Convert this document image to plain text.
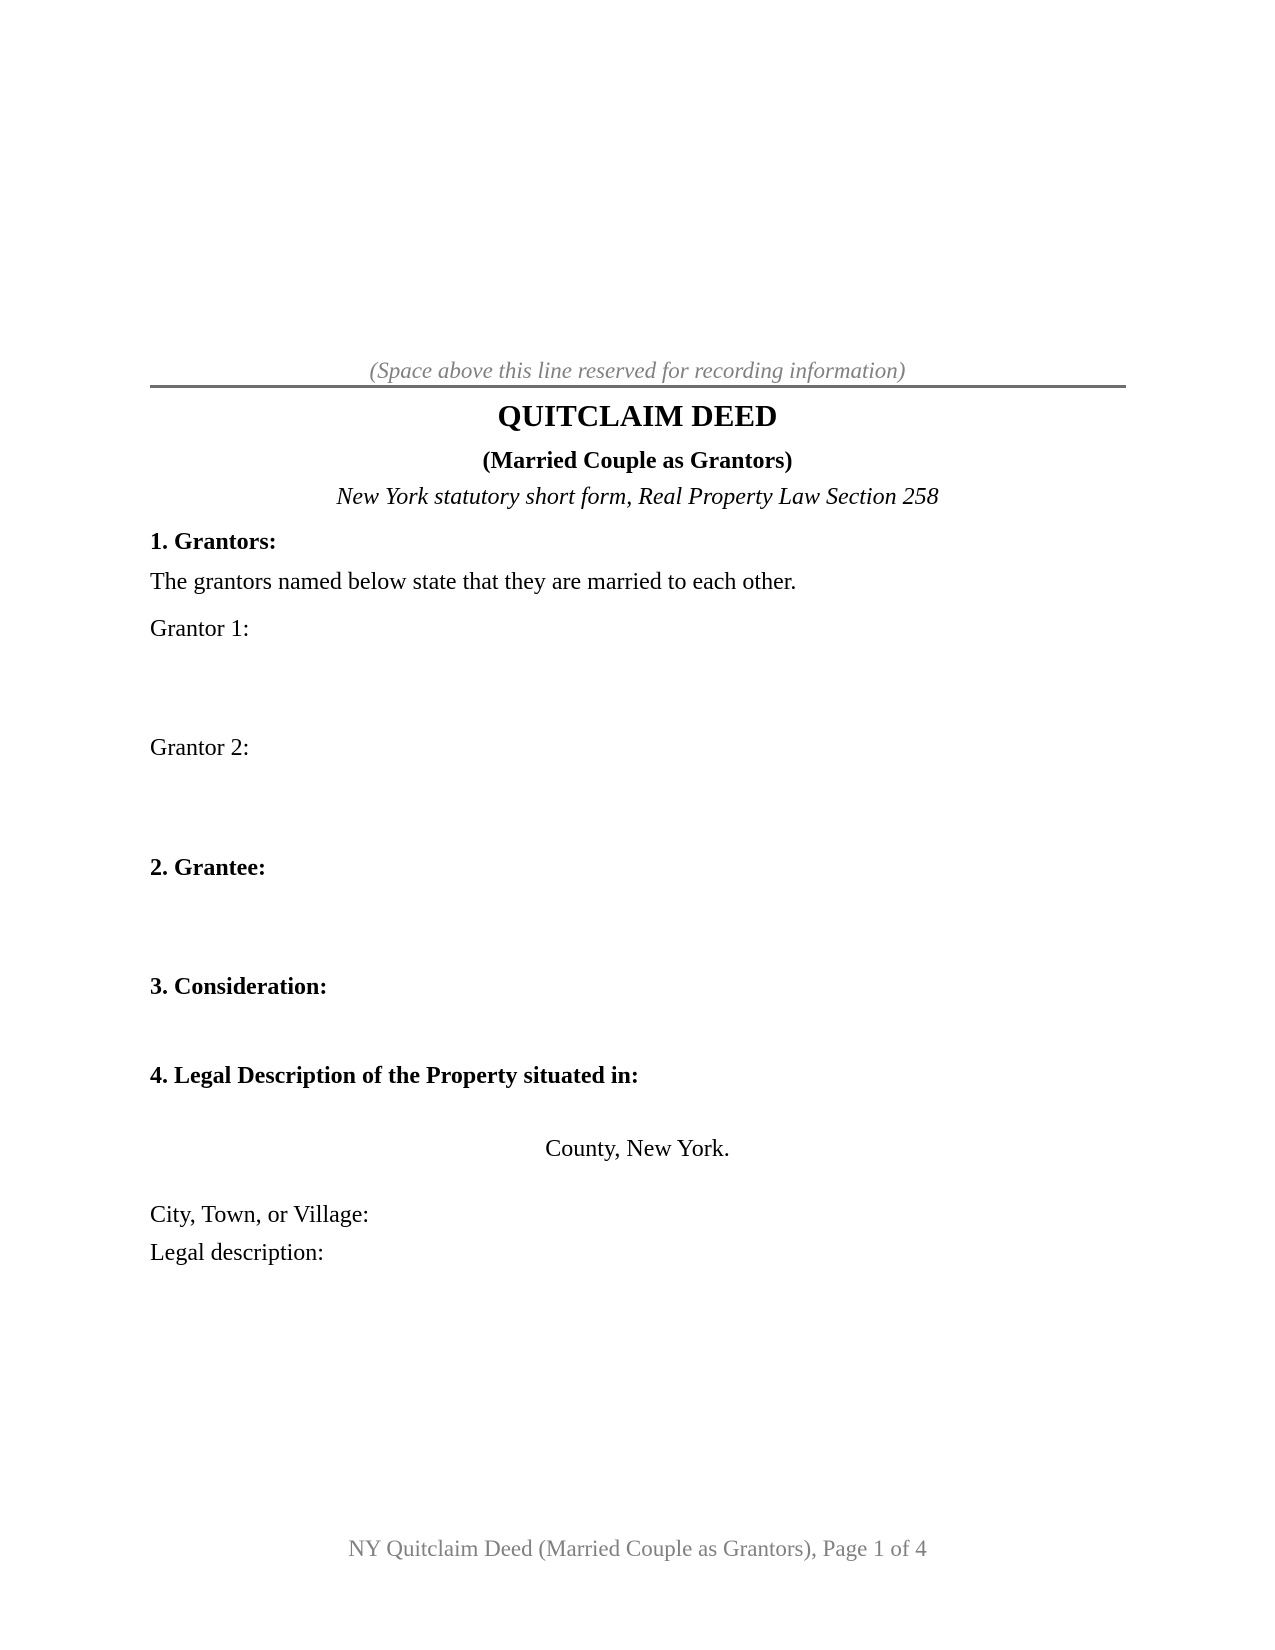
(Space above this line reserved for recording information)
QUITCLAIM DEED
(Married Couple as Grantors)
New York statutory short form, Real Property Law Section 258
1. Grantors:
The grantors named below state that they are married to each other.
Grantor 1:
Grantor 2:
2. Grantee:
3. Consideration:
4. Legal Description of the Property situated in:
County, New York.
City, Town, or Village:
Legal description:
NY Quitclaim Deed (Married Couple as Grantors), Page 1 of 4
